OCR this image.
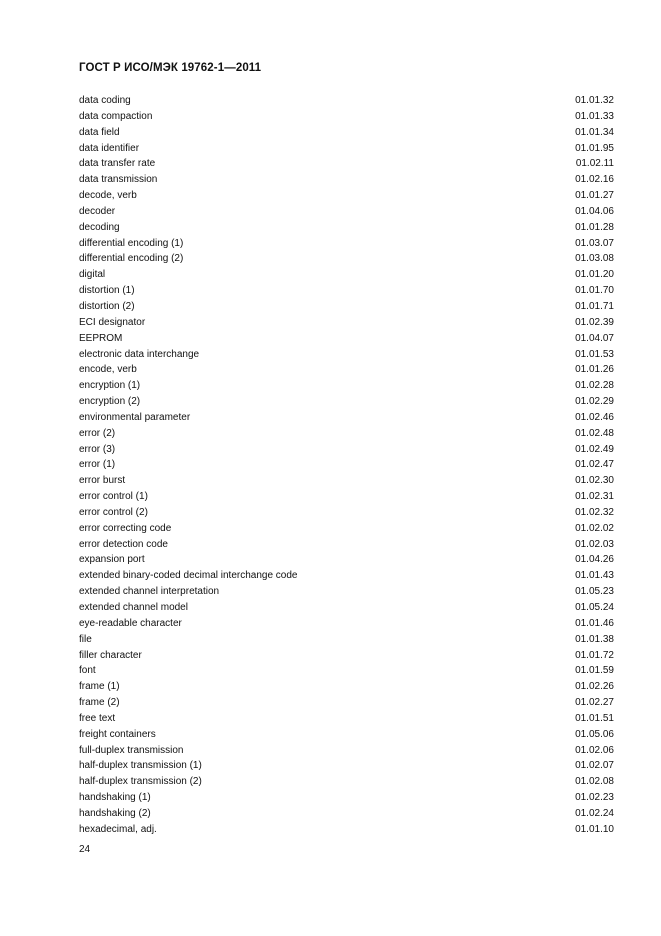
ГОСТ Р ИСО/МЭК 19762-1—2011
data coding	01.01.32
data compaction	01.01.33
data field	01.01.34
data identifier	01.01.95
data transfer rate	01.02.11
data transmission	01.02.16
decode, verb	01.01.27
decoder	01.04.06
decoding	01.01.28
differential encoding (1)	01.03.07
differential encoding (2)	01.03.08
digital	01.01.20
distortion (1)	01.01.70
distortion (2)	01.01.71
ECI designator	01.02.39
EEPROM	01.04.07
electronic data interchange	01.01.53
encode, verb	01.01.26
encryption (1)	01.02.28
encryption (2)	01.02.29
environmental parameter	01.02.46
error (2)	01.02.48
error (3)	01.02.49
error (1)	01.02.47
error burst	01.02.30
error control (1)	01.02.31
error control (2)	01.02.32
error correcting code	01.02.02
error detection code	01.02.03
expansion port	01.04.26
extended binary-coded decimal interchange code	01.01.43
extended channel interpretation	01.05.23
extended channel model	01.05.24
eye-readable character	01.01.46
file	01.01.38
filler character	01.01.72
font	01.01.59
frame (1)	01.02.26
frame (2)	01.02.27
free text	01.01.51
freight containers	01.05.06
full-duplex transmission	01.02.06
half-duplex transmission (1)	01.02.07
half-duplex transmission (2)	01.02.08
handshaking (1)	01.02.23
handshaking (2)	01.02.24
hexadecimal, adj.	01.01.10
24
